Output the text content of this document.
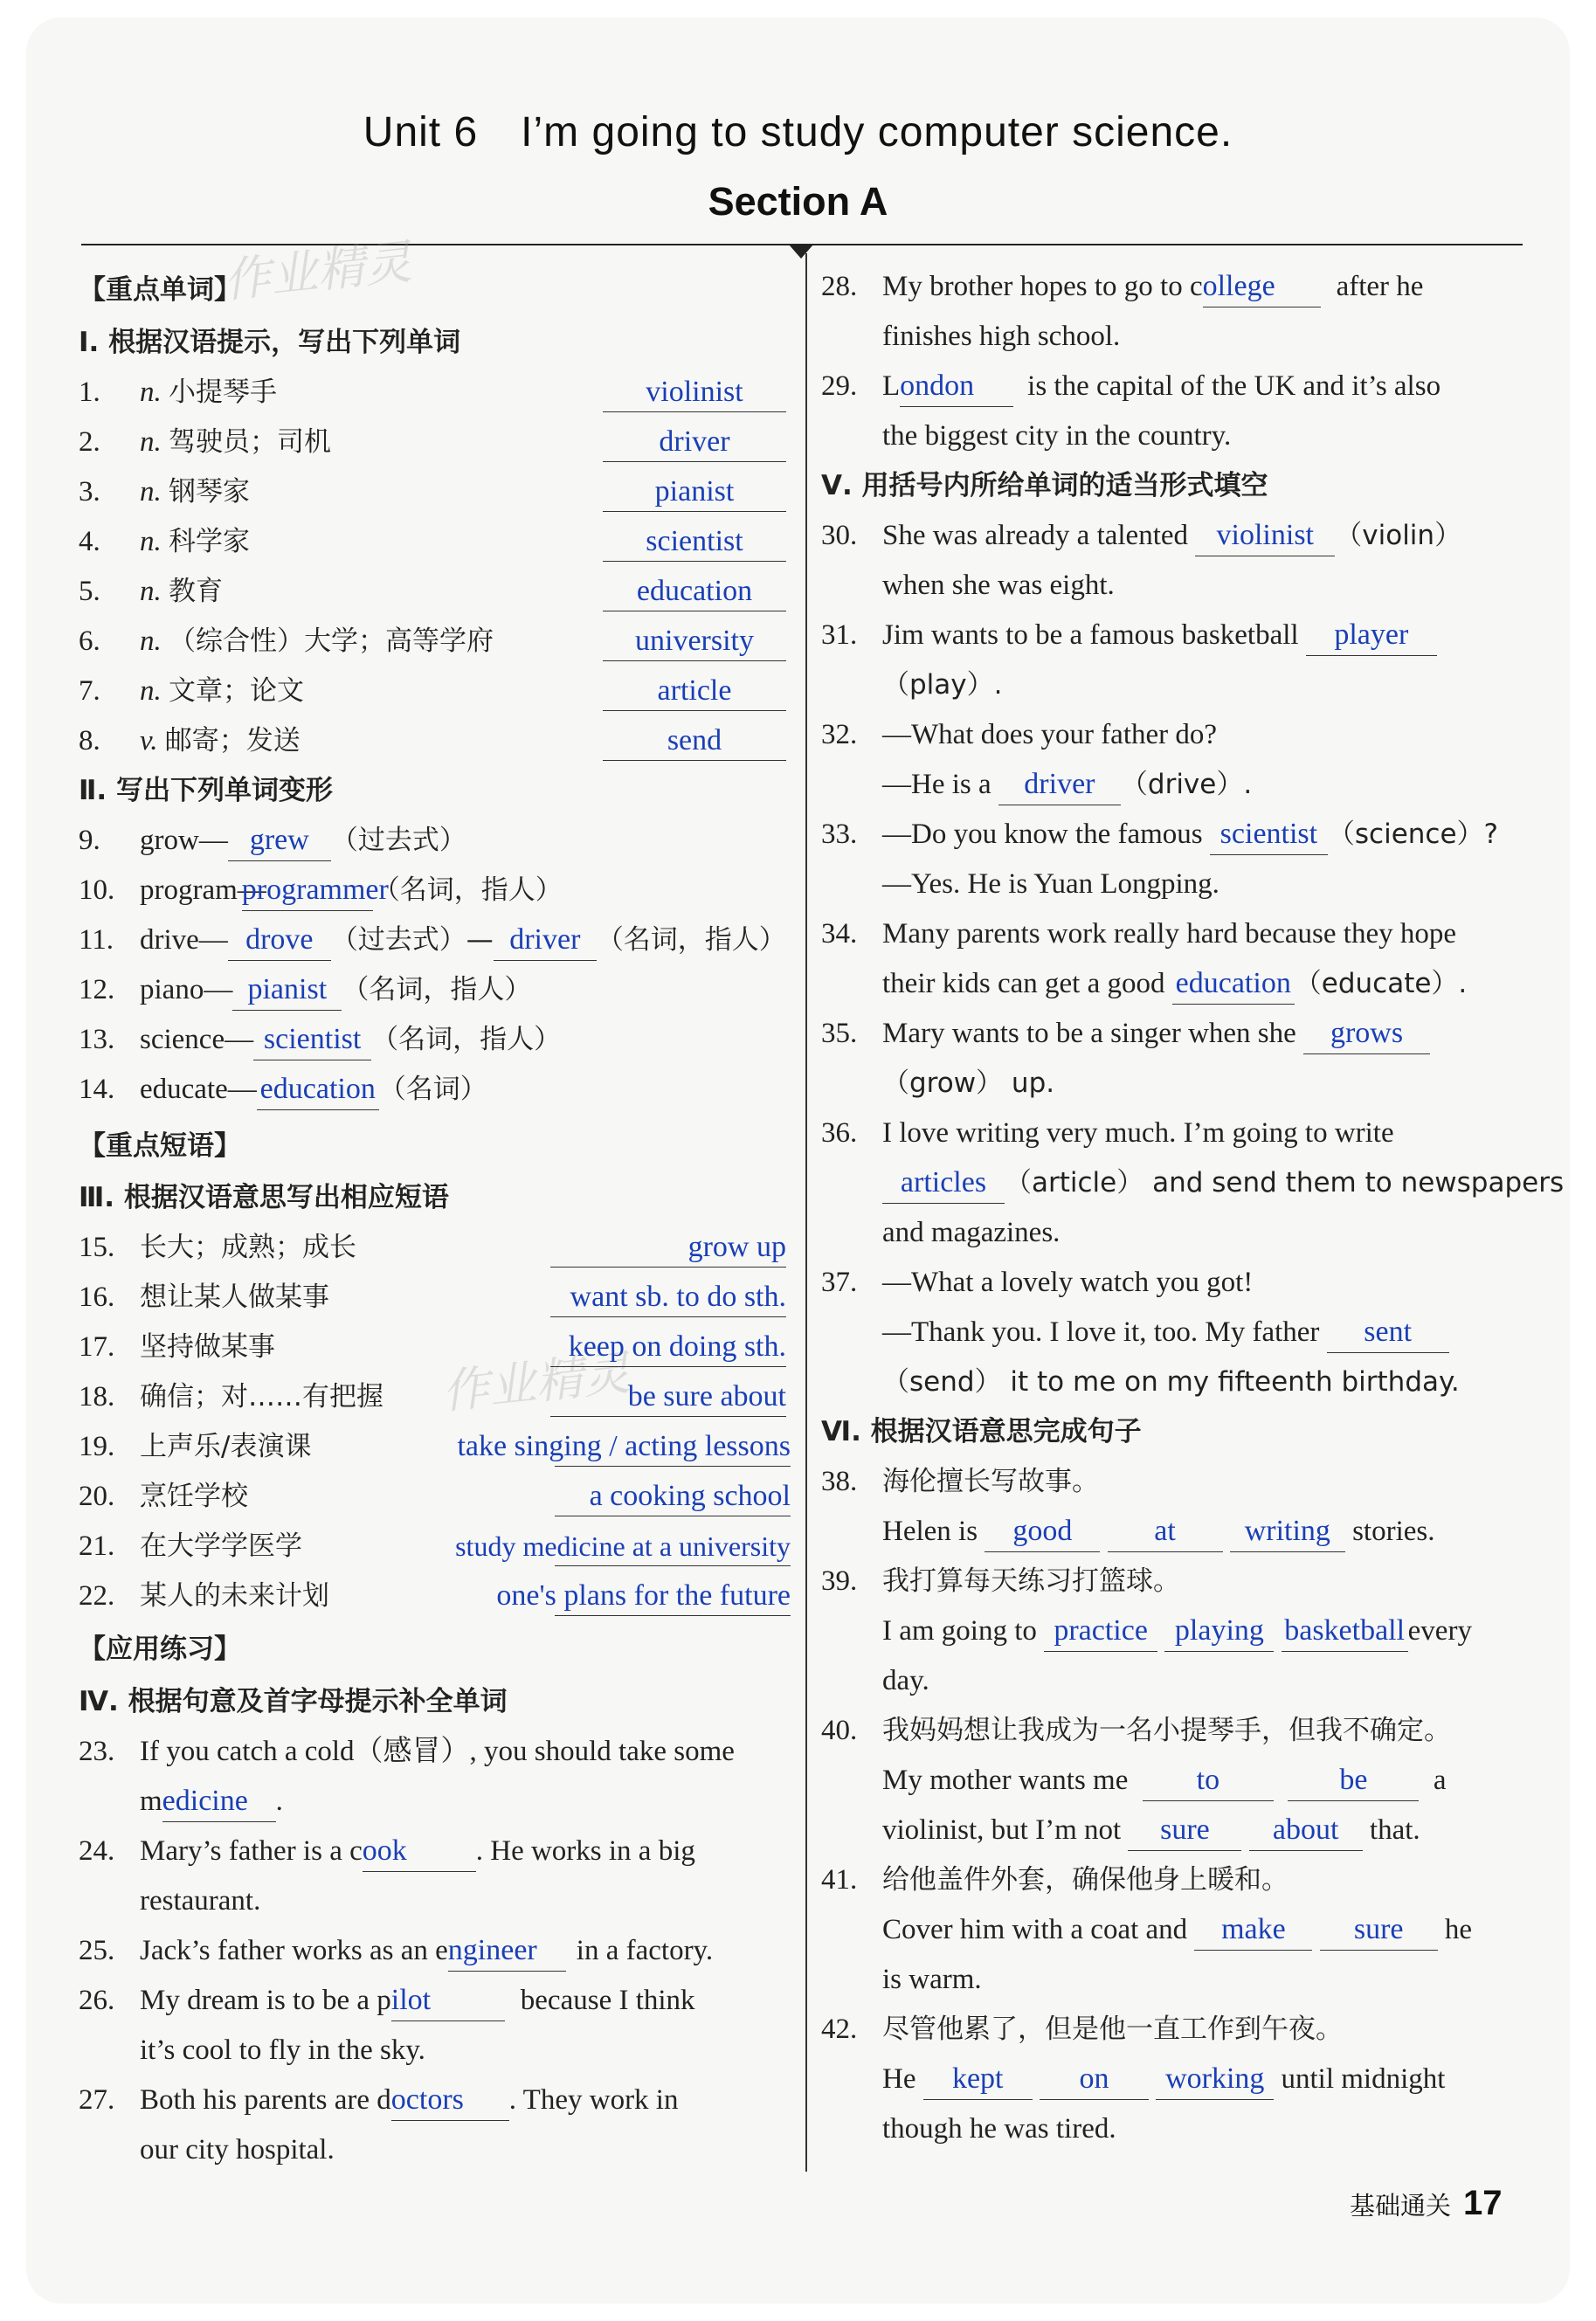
Unit 6　I’m going to study computer science.
Section A
作业精灵
作业精灵
【重点单词】
Ⅰ. 根据汉语提示，写出下列单词
1. n. 小提琴手	violinist
2. n. 驾驶员；司机	driver
3. n. 钢琴家	pianist
4. n. 科学家	scientist
5. n. 教育	education
6. n. （综合性）大学；高等学府	university
7. n. 文章；论文	article
8. v. 邮寄；发送	send
Ⅱ. 写出下列单词变形
9. grow— grew （过去式）
10. program—programmer（名词，指人）
11. drive— drove （过去式）— driver （名词，指人）
12. piano— pianist （名词，指人）
13. science— scientist （名词，指人）
14. educate— education （名词）
【重点短语】
Ⅲ. 根据汉语意思写出相应短语
15. 长大；成熟；成长	grow up
16. 想让某人做某事	want sb. to do sth.
17. 坚持做某事	keep on doing sth.
18. 确信；对……有把握	be sure about
19. 上声乐/表演课	take singing / acting lessons
20. 烹饪学校	a cooking school
21. 在大学学医学	study medicine at a university
22. 某人的未来计划	one's plans for the future
【应用练习】
Ⅳ. 根据句意及首字母提示补全单词
23. If you catch a cold（感冒）, you should take some
medicine .
24. Mary’s father is a cook . He works in a big
restaurant.
25. Jack’s father works as an engineer in a factory.
26. My dream is to be a pilot	because I think
it’s cool to fly in the sky.
27. Both his parents are doctors . They work in
our city hospital.
28. My brother hopes to go to college after he
finishes high school.
29. London is the capital of the UK and it’s also
the biggest city in the country.
Ⅴ. 用括号内所给单词的适当形式填空
30. She was already a talented violinist （violin）
when she was eight.
31. Jim wants to be a famous basketball player
（play）.
32. —What does your father do?
—He is a driver （drive）.
33. —Do you know the famous scientist （science）?
—Yes. He is Yuan Longping.
34. Many parents work really hard because they hope
their kids can get a good education （educate）.
35. Mary wants to be a singer when she grows
（grow） up.
36. I love writing very much. I’m going to write
articles （article） and send them to newspapers
and magazines.
37. —What a lovely watch you got!
—Thank you. I love it, too. My father sent
（send） it to me on my fifteenth birthday.
Ⅵ. 根据汉语意思完成句子
38. 海伦擅长写故事。
Helen is good	at writing stories.
39. 我打算每天练习打篮球。
I am going to practice playing basketball every
day.
40. 我妈妈想让我成为一名小提琴手，但我不确定。
My mother wants me to	be a
violinist, but I’m not sure about that.
41. 给他盖件外套，确保他身上暖和。
Cover him with a coat and make sure he
is warm.
42. 尽管他累了，但是他一直工作到午夜。
He kept	on working until midnight
though he was tired.
基础通关 17
